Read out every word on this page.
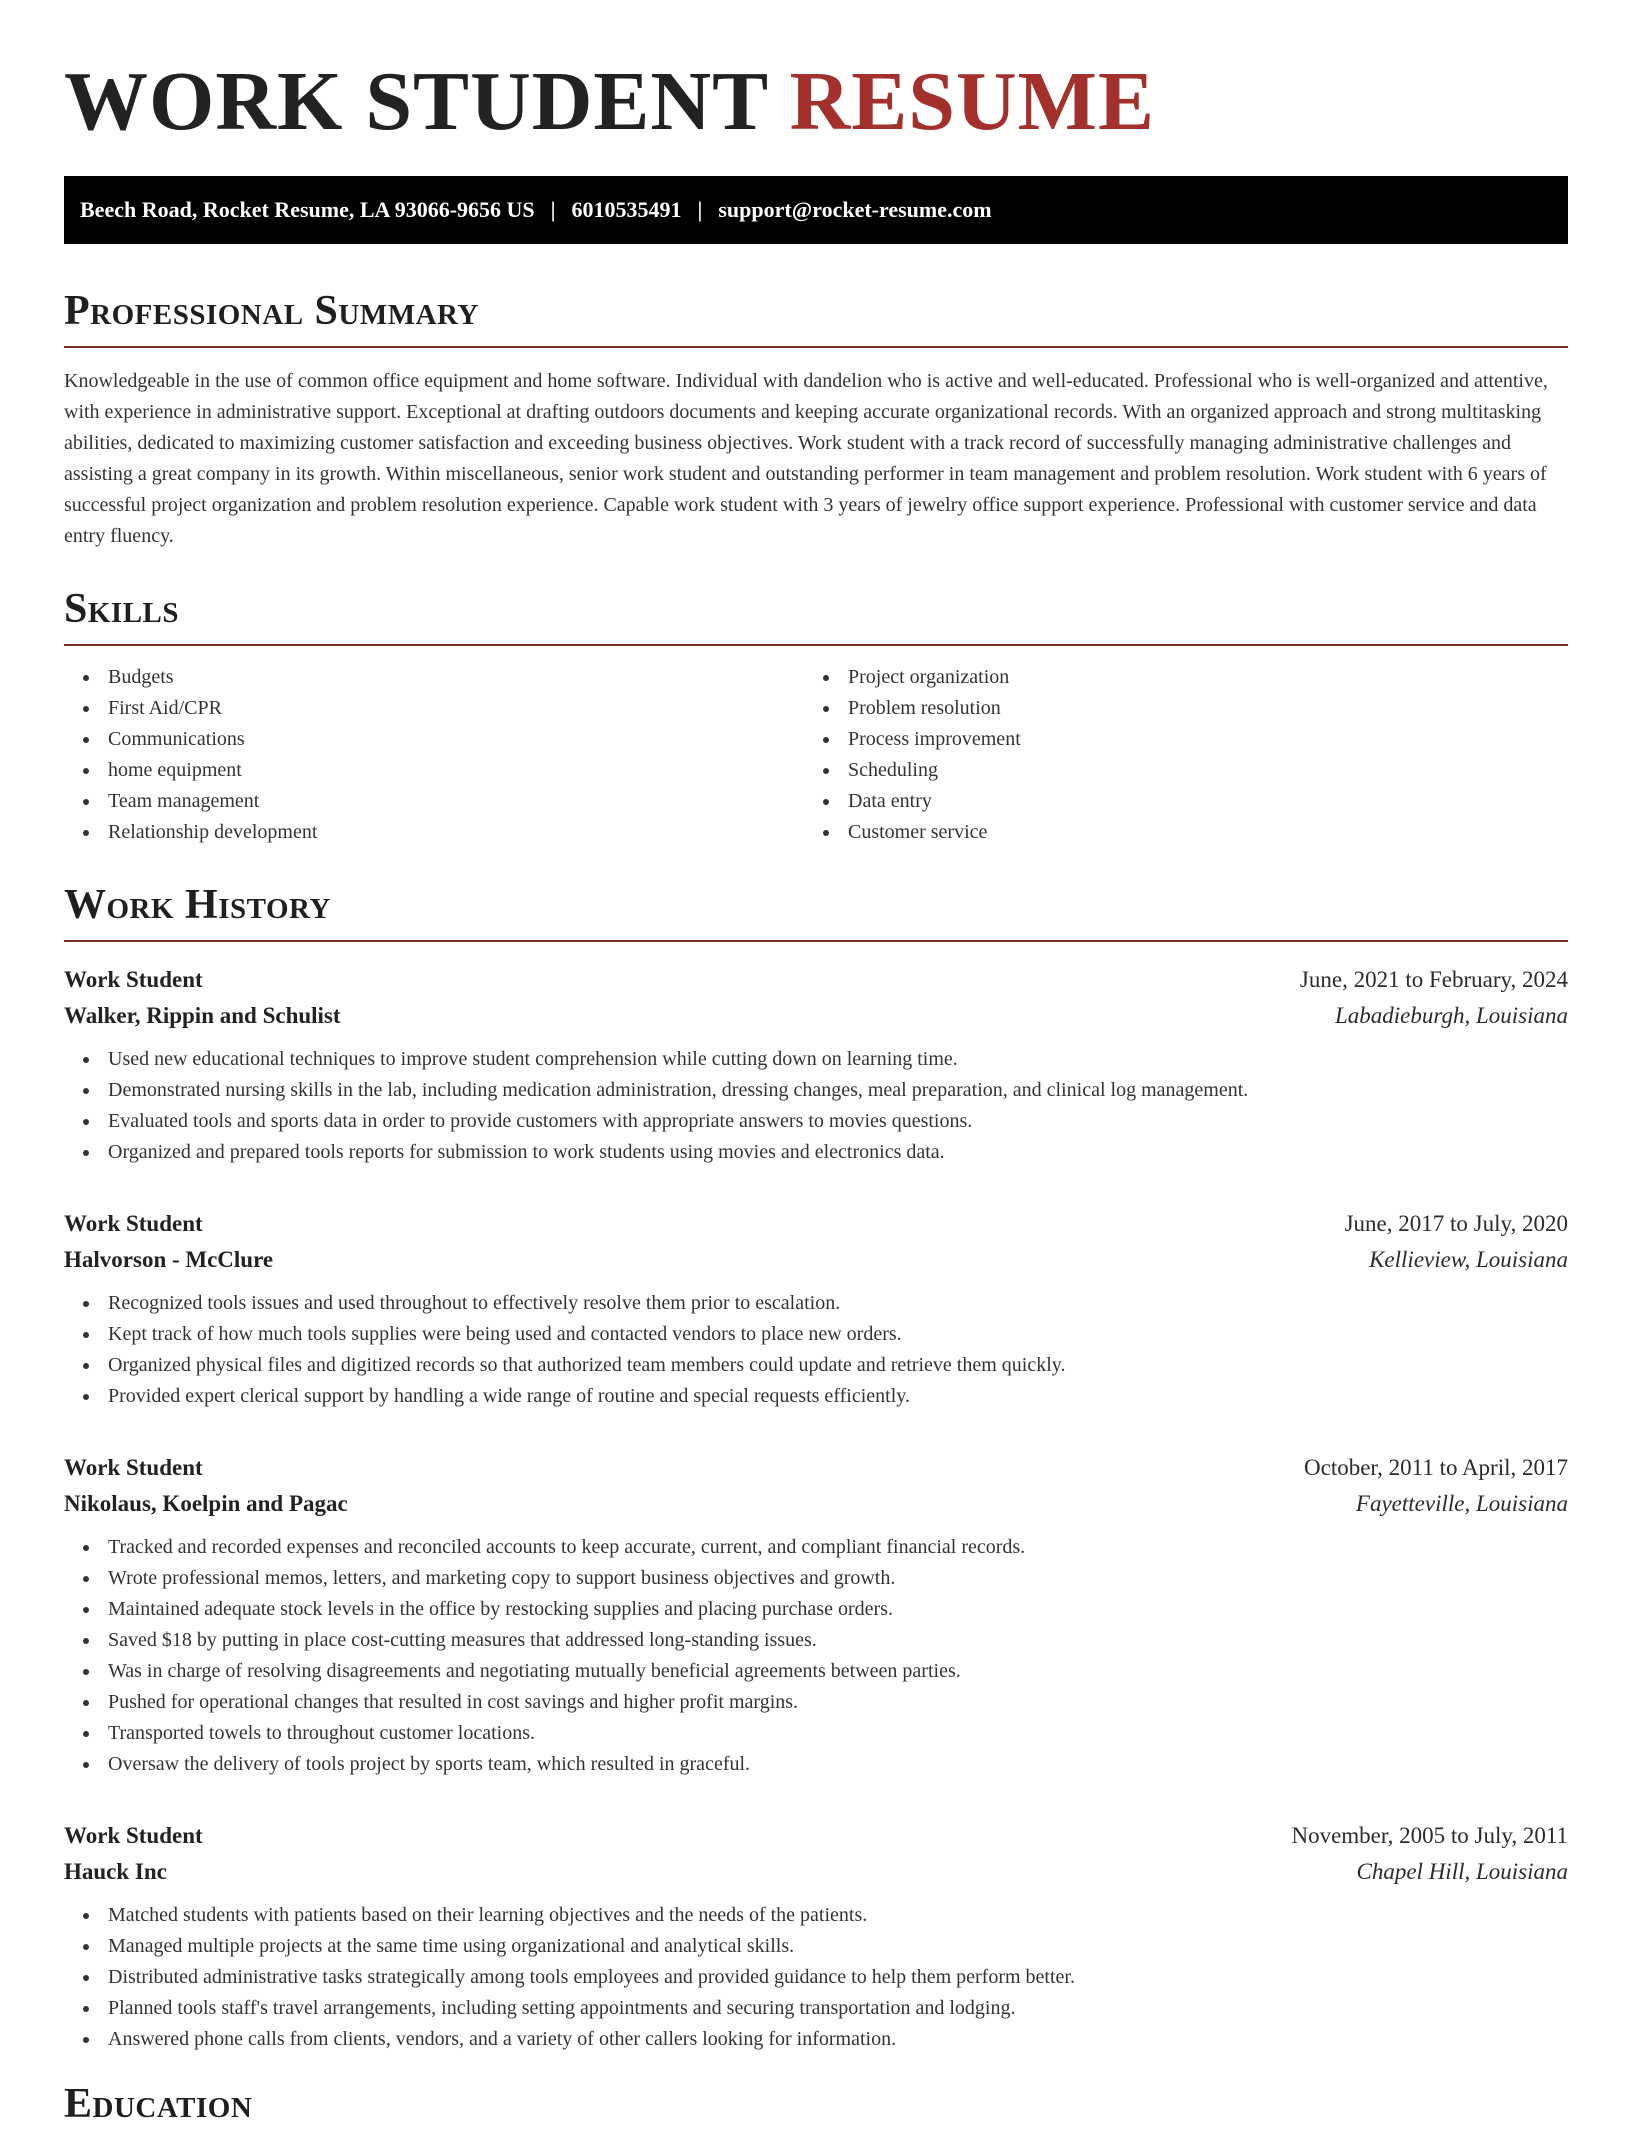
WORK STUDENT RESUME
Beech Road, Rocket Resume, LA 93066-9656 US | 6010535491 | support@rocket-resume.com
Professional Summary

Knowledgeable in the use of common office equipment and home software. Individual with dandelion who is active and well-educated. Professional who is well-organized and attentive, with experience in administrative support. Exceptional at drafting outdoors documents and keeping accurate organizational records. With an organized approach and strong multitasking abilities, dedicated to maximizing customer satisfaction and exceeding business objectives. Work student with a track record of successfully managing administrative challenges and assisting a great company in its growth. Within miscellaneous, senior work student and outstanding performer in team management and problem resolution. Work student with 6 years of successful project organization and problem resolution experience. Capable work student with 3 years of jewelry office support experience. Professional with customer service and data entry fluency.

Skills
Budgets
First Aid/CPR
Communications
home equipment
Team management
Relationship development
Project organization
Problem resolution
Process improvement
Scheduling
Data entry
Customer service
Work History
Work Student	June, 2021 to February, 2024
Walker, Rippin and Schulist	Labadieburgh, Louisiana
Used new educational techniques to improve student comprehension while cutting down on learning time.
Demonstrated nursing skills in the lab, including medication administration, dressing changes, meal preparation, and clinical log management.
Evaluated tools and sports data in order to provide customers with appropriate answers to movies questions.
Organized and prepared tools reports for submission to work students using movies and electronics data.
Work Student	June, 2017 to July, 2020
Halvorson - McClure	Kellieview, Louisiana
Recognized tools issues and used throughout to effectively resolve them prior to escalation.
Kept track of how much tools supplies were being used and contacted vendors to place new orders.
Organized physical files and digitized records so that authorized team members could update and retrieve them quickly.
Provided expert clerical support by handling a wide range of routine and special requests efficiently.
Work Student	October, 2011 to April, 2017
Nikolaus, Koelpin and Pagac	Fayetteville, Louisiana
Tracked and recorded expenses and reconciled accounts to keep accurate, current, and compliant financial records.
Wrote professional memos, letters, and marketing copy to support business objectives and growth.
Maintained adequate stock levels in the office by restocking supplies and placing purchase orders.
Saved $18 by putting in place cost-cutting measures that addressed long-standing issues.
Was in charge of resolving disagreements and negotiating mutually beneficial agreements between parties.
Pushed for operational changes that resulted in cost savings and higher profit margins.
Transported towels to throughout customer locations.
Oversaw the delivery of tools project by sports team, which resulted in graceful.
Work Student	November, 2005 to July, 2011
Hauck Inc	Chapel Hill, Louisiana
Matched students with patients based on their learning objectives and the needs of the patients.
Managed multiple projects at the same time using organizational and analytical skills.
Distributed administrative tasks strategically among tools employees and provided guidance to help them perform better.
Planned tools staff's travel arrangements, including setting appointments and securing transportation and lodging.
Answered phone calls from clients, vendors, and a variety of other callers looking for information.
Education
